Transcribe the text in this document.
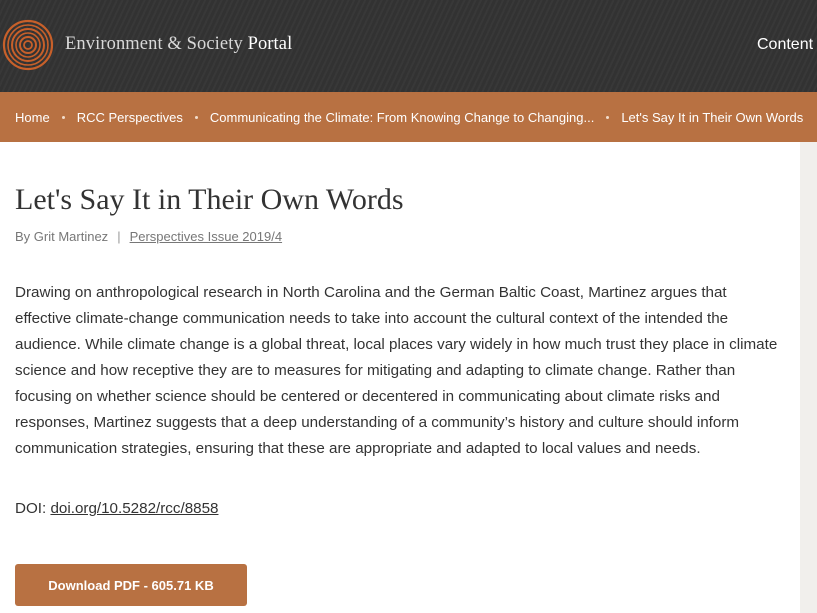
Environment & Society Portal	Content
Home RCC Perspectives Communicating the Climate: From Knowing Change to Changing... Let's Say It in Their Own Words
Let's Say It in Their Own Words
By Grit Martinez | Perspectives Issue 2019/4

Drawing on anthropological research in North Carolina and the German Baltic Coast, Martinez argues that effective climate-change communication needs to take into account the cultural context of the intended the audience. While climate change is a global threat, local places vary widely in how much trust they place in climate science and how receptive they are to measures for mitigating and adapting to climate change. Rather than focusing on whether science should be centered or decentered in communicating about climate risks and responses, Martinez suggests that a deep understanding of a community’s history and culture should inform communication strategies, ensuring that these are appropriate and adapted to local values and needs.

DOI: doi.org/10.5282/rcc/8858
Download PDF - 605.71 KB
